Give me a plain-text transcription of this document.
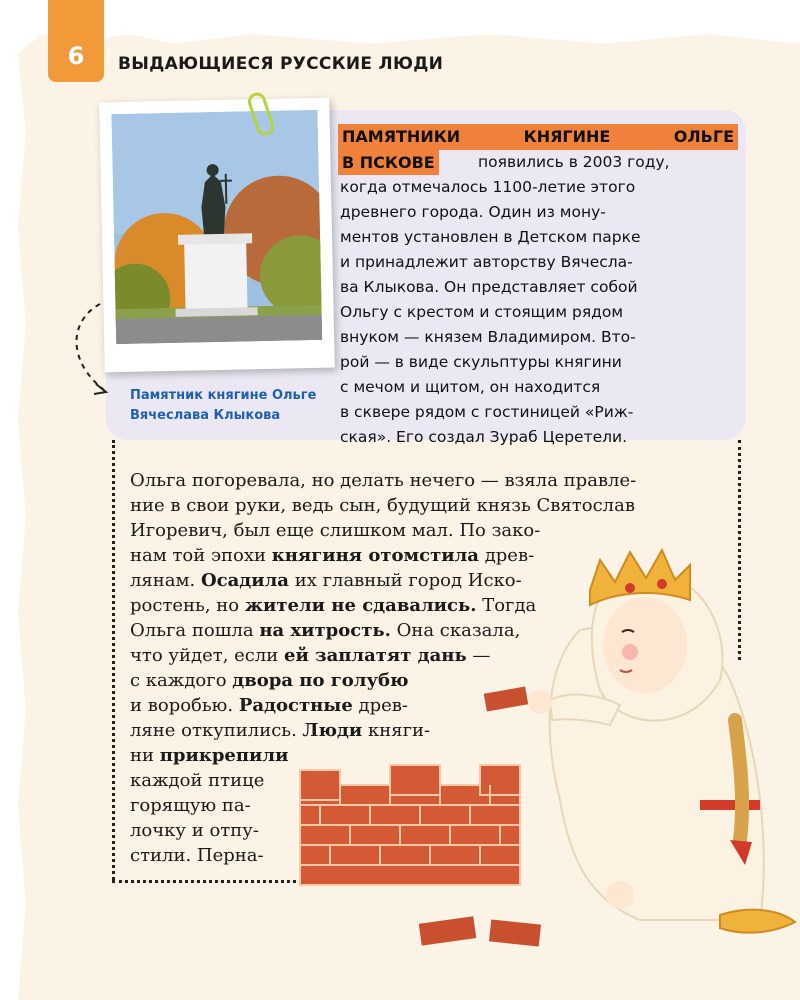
6	ВЫДАЮЩИЕСЯ РУССКИЕ ЛЮДИ
Памятник княгине Ольге
Вячеслава Клыкова
ПАМЯТНИКИ КНЯГИНЕ ОЛЬГЕ
В ПСКОВЕ	появились в 2003 году,
когда отмечалось 1100-летие этого
древнего города. Один из мону-
ментов установлен в Детском парке
и принадлежит авторству Вячесла-
ва Клыкова. Он представляет собой
Ольгу с крестом и стоящим рядом
внуком — князем Владимиром. Вто-
рой — в виде скульптуры княгини
с мечом и щитом, он находится
в сквере рядом с гостиницей «Риж-
ская». Его создал Зураб Церетели.
Ольга погоревала, но делать нечего — взяла правле-
ние в свои руки, ведь сын, будущий князь Святослав
Игоревич, был еще слишком мал. По зако-
нам той эпохи княгиня отомстила древ-
лянам. Осадила их главный город Иско-
ростень, но жители не сдавались. Тогда
Ольга пошла на хитрость. Она сказала,
что уйдет, если ей заплатят дань —
с каждого двора по голубю
и воробью. Радостные древ-
ляне откупились. Люди княги-
ни прикрепили
каждой птице
горящую па-
лочку и отпу-
стили. Перна-
